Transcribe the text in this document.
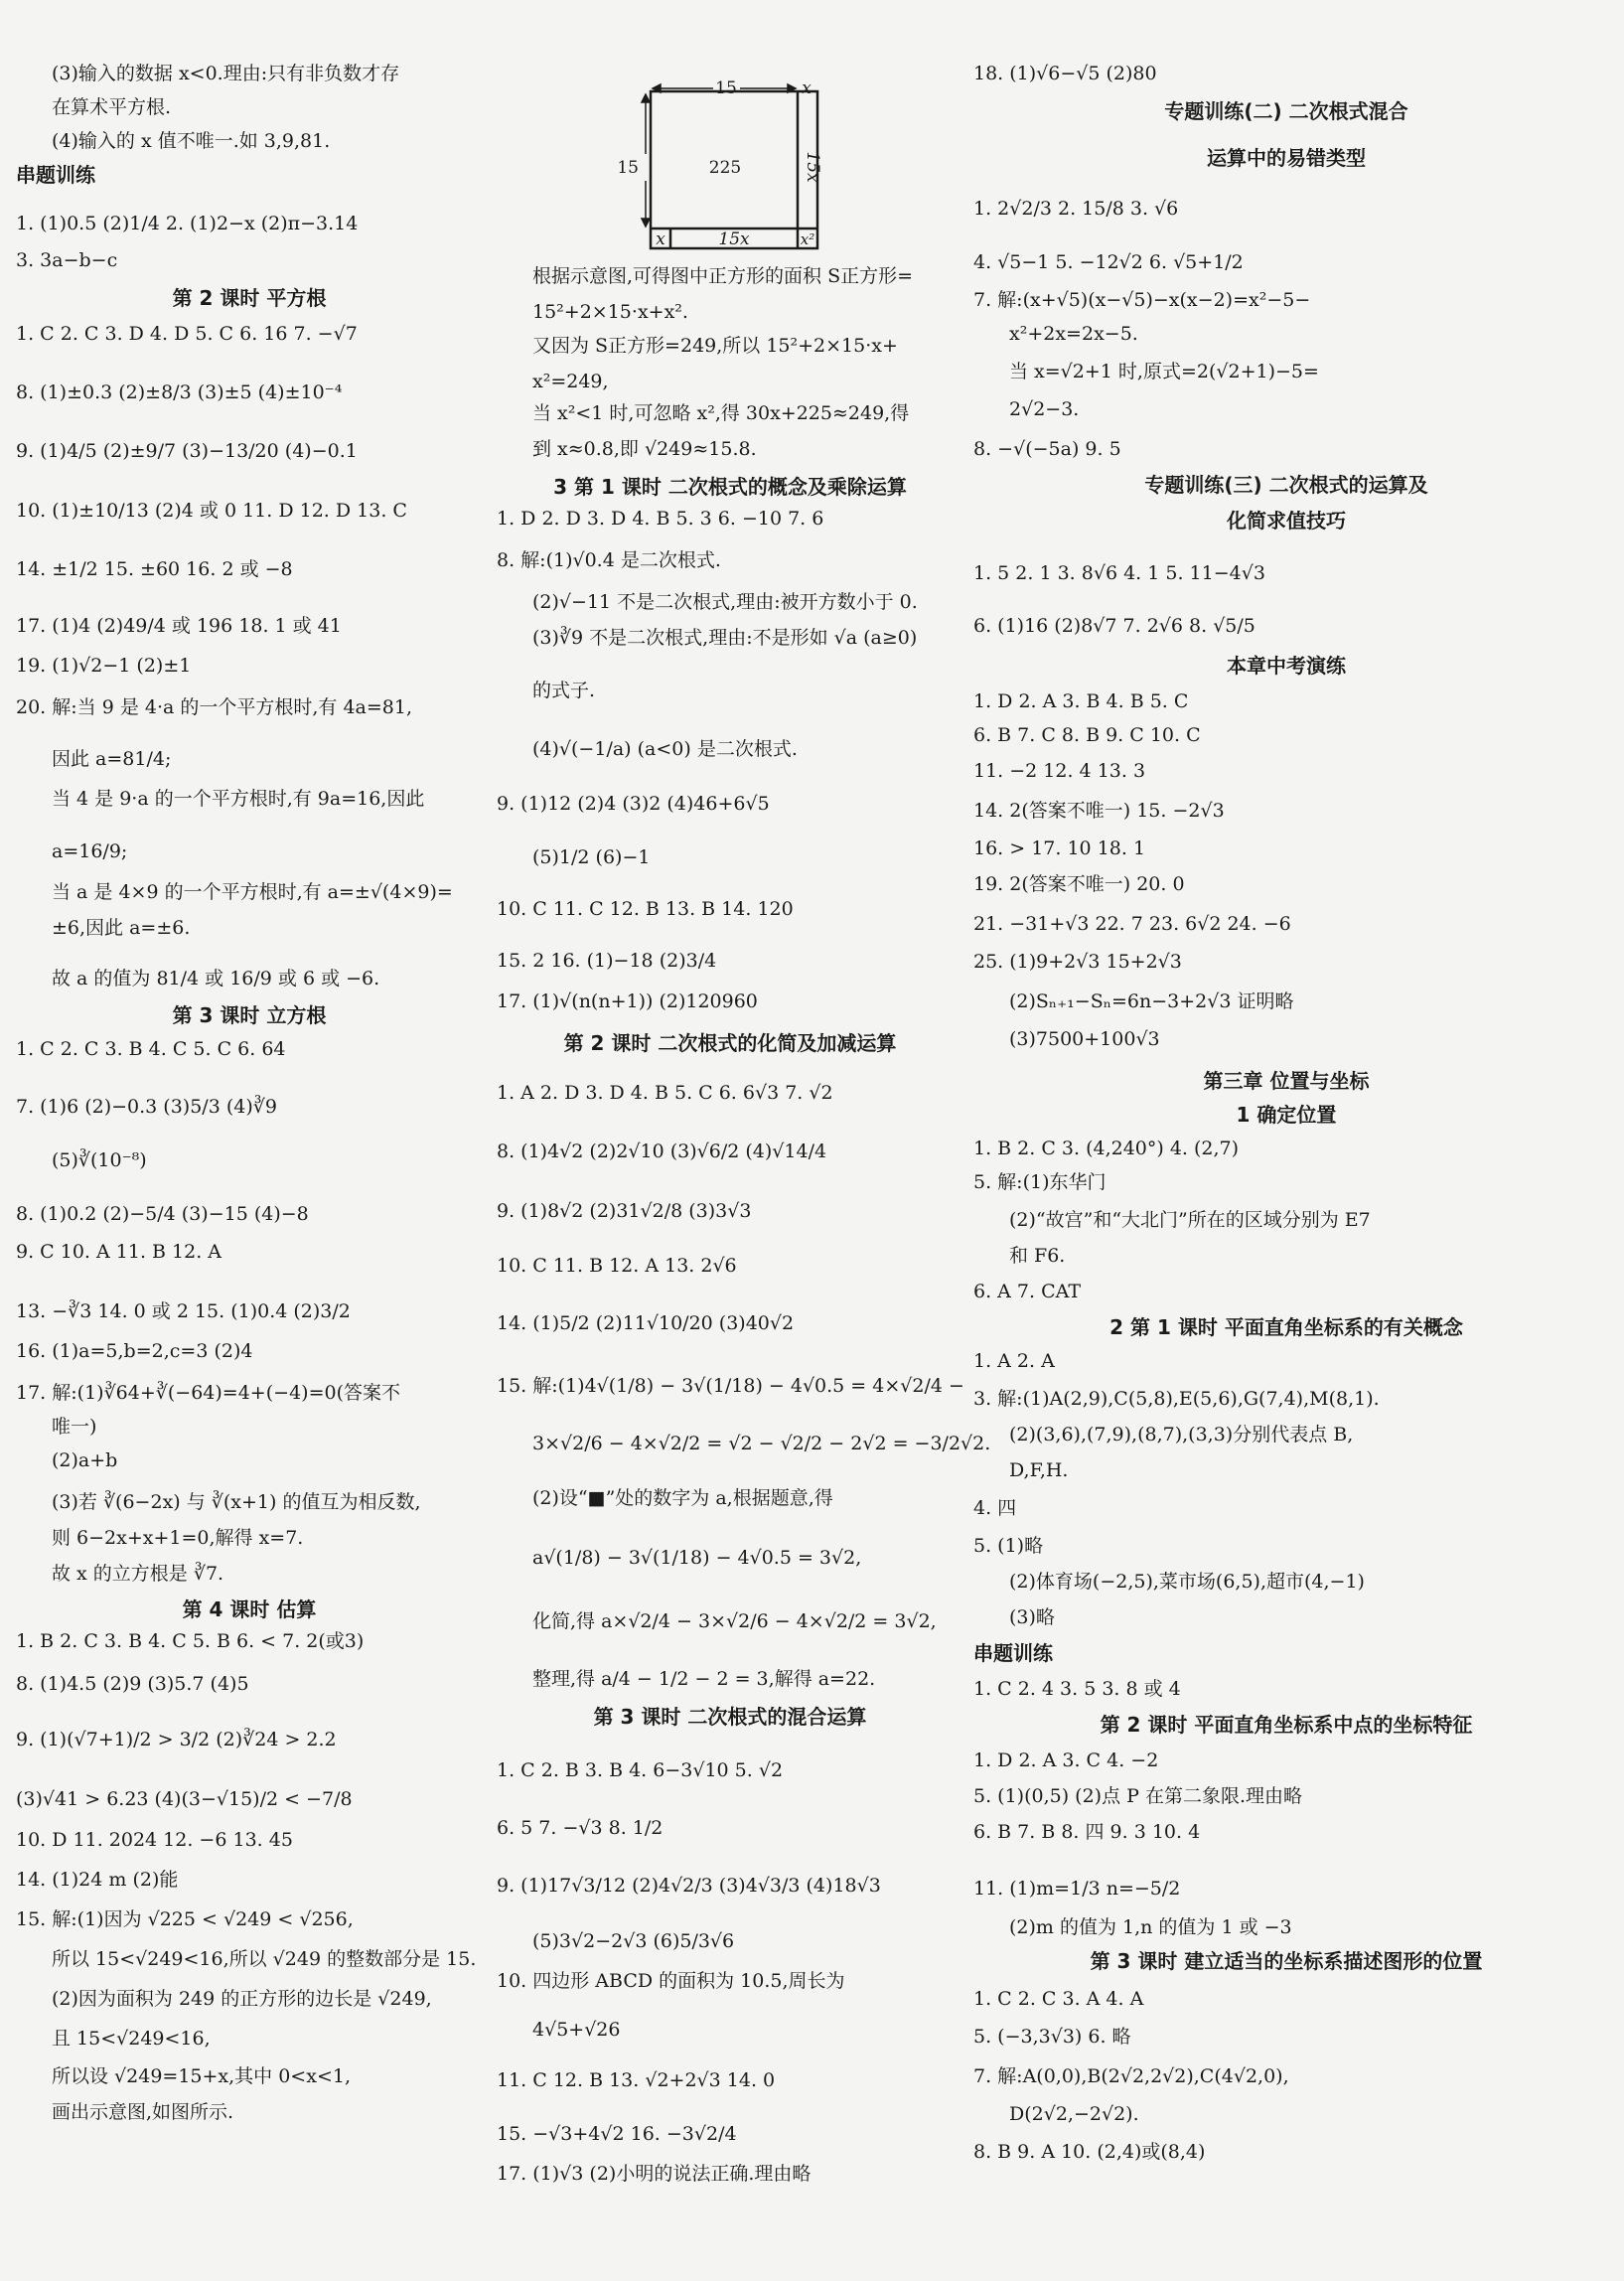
15	x
15	225	15x
x	15x	x²
(3)输入的数据 x<0.理由:只有非负数才存
在算术平方根.
(4)输入的 x 值不唯一.如 3,9,81.
串题训练
1. (1)0.5 (2)1/4 2. (1)2−x (2)π−3.14
3. 3a−b−c
第 2 课时 平方根
1. C 2. C 3. D 4. D 5. C 6. 16 7. −√7
8. (1)±0.3 (2)±8/3 (3)±5 (4)±10⁻⁴
9. (1)4/5 (2)±9/7 (3)−13/20 (4)−0.1
10. (1)±10/13 (2)4 或 0 11. D 12. D 13. C
14. ±1/2 15. ±60 16. 2 或 −8
17. (1)4 (2)49/4 或 196 18. 1 或 41
19. (1)√2−1 (2)±1
20. 解:当 9 是 4·a 的一个平方根时,有 4a=81,
因此 a=81/4;
当 4 是 9·a 的一个平方根时,有 9a=16,因此
a=16/9;
当 a 是 4×9 的一个平方根时,有 a=±√(4×9)=
±6,因此 a=±6.
故 a 的值为 81/4 或 16/9 或 6 或 −6.
第 3 课时 立方根
1. C 2. C 3. B 4. C 5. C 6. 64
7. (1)6 (2)−0.3 (3)5/3 (4)∛9
(5)∛(10⁻⁸)
8. (1)0.2 (2)−5/4 (3)−15 (4)−8
9. C 10. A 11. B 12. A
13. −∛3 14. 0 或 2 15. (1)0.4 (2)3/2
16. (1)a=5,b=2,c=3 (2)4
17. 解:(1)∛64+∛(−64)=4+(−4)=0(答案不
唯一)
(2)a+b
(3)若 ∛(6−2x) 与 ∛(x+1) 的值互为相反数,
则 6−2x+x+1=0,解得 x=7.
故 x 的立方根是 ∛7.
第 4 课时 估算
1. B 2. C 3. B 4. C 5. B 6. < 7. 2(或3)
8. (1)4.5 (2)9 (3)5.7 (4)5
9. (1)(√7+1)/2 > 3/2 (2)∛24 > 2.2
(3)√41 > 6.23 (4)(3−√15)/2 < −7/8
10. D 11. 2024 12. −6 13. 45
14. (1)24 m (2)能
15. 解:(1)因为 √225 < √249 < √256,
所以 15<√249<16,所以 √249 的整数部分是 15.
(2)因为面积为 249 的正方形的边长是 √249,
且 15<√249<16,
所以设 √249=15+x,其中 0<x<1,
画出示意图,如图所示.
根据示意图,可得图中正方形的面积 S正方形=
15²+2×15·x+x².
又因为 S正方形=249,所以 15²+2×15·x+
x²=249,
当 x²<1 时,可忽略 x²,得 30x+225≈249,得
到 x≈0.8,即 √249≈15.8.
3 第 1 课时 二次根式的概念及乘除运算
1. D 2. D 3. D 4. B 5. 3 6. −10 7. 6
8. 解:(1)√0.4 是二次根式.
(2)√−11 不是二次根式,理由:被开方数小于 0.
(3)∛9 不是二次根式,理由:不是形如 √a (a≥0)
的式子.
(4)√(−1/a) (a<0) 是二次根式.
9. (1)12 (2)4 (3)2 (4)46+6√5
(5)1/2 (6)−1
10. C 11. C 12. B 13. B 14. 120
15. 2 16. (1)−18 (2)3/4
17. (1)√(n(n+1)) (2)120960
第 2 课时 二次根式的化简及加减运算
1. A 2. D 3. D 4. B 5. C 6. 6√3 7. √2
8. (1)4√2 (2)2√10 (3)√6/2 (4)√14/4
9. (1)8√2 (2)31√2/8 (3)3√3
10. C 11. B 12. A 13. 2√6
14. (1)5/2 (2)11√10/20 (3)40√2
15. 解:(1)4√(1/8) − 3√(1/18) − 4√0.5 = 4×√2/4 −
3×√2/6 − 4×√2/2 = √2 − √2/2 − 2√2 = −3/2√2.
(2)设“■”处的数字为 a,根据题意,得
a√(1/8) − 3√(1/18) − 4√0.5 = 3√2,
化简,得 a×√2/4 − 3×√2/6 − 4×√2/2 = 3√2,
整理,得 a/4 − 1/2 − 2 = 3,解得 a=22.
第 3 课时 二次根式的混合运算
1. C 2. B 3. B 4. 6−3√10 5. √2
6. 5 7. −√3 8. 1/2
9. (1)17√3/12 (2)4√2/3 (3)4√3/3 (4)18√3
(5)3√2−2√3 (6)5/3√6
10. 四边形 ABCD 的面积为 10.5,周长为
4√5+√26
11. C 12. B 13. √2+2√3 14. 0
15. −√3+4√2 16. −3√2/4
17. (1)√3 (2)小明的说法正确.理由略
18. (1)√6−√5 (2)80
专题训练(二) 二次根式混合
运算中的易错类型
1. 2√2/3 2. 15/8 3. √6
4. √5−1 5. −12√2 6. √5+1/2
7. 解:(x+√5)(x−√5)−x(x−2)=x²−5−
x²+2x=2x−5.
当 x=√2+1 时,原式=2(√2+1)−5=
2√2−3.
8. −√(−5a) 9. 5
专题训练(三) 二次根式的运算及
化简求值技巧
1. 5 2. 1 3. 8√6 4. 1 5. 11−4√3
6. (1)16 (2)8√7 7. 2√6 8. √5/5
本章中考演练
1. D 2. A 3. B 4. B 5. C
6. B 7. C 8. B 9. C 10. C
11. −2 12. 4 13. 3
14. 2(答案不唯一) 15. −2√3
16. > 17. 10 18. 1
19. 2(答案不唯一) 20. 0
21. −31+√3 22. 7 23. 6√2 24. −6
25. (1)9+2√3 15+2√3
(2)Sₙ₊₁−Sₙ=6n−3+2√3 证明略
(3)7500+100√3
第三章 位置与坐标
1 确定位置
1. B 2. C 3. (4,240°) 4. (2,7)
5. 解:(1)东华门
(2)“故宫”和“大北门”所在的区域分别为 E7
和 F6.
6. A 7. CAT
2 第 1 课时 平面直角坐标系的有关概念
1. A 2. A
3. 解:(1)A(2,9),C(5,8),E(5,6),G(7,4),M(8,1).
(2)(3,6),(7,9),(8,7),(3,3)分别代表点 B,
D,F,H.
4. 四
5. (1)略
(2)体育场(−2,5),菜市场(6,5),超市(4,−1)
(3)略
串题训练
1. C 2. 4 3. 5 3. 8 或 4
第 2 课时 平面直角坐标系中点的坐标特征
1. D 2. A 3. C 4. −2
5. (1)(0,5) (2)点 P 在第二象限.理由略
6. B 7. B 8. 四 9. 3 10. 4
11. (1)m=1/3 n=−5/2
(2)m 的值为 1,n 的值为 1 或 −3
第 3 课时 建立适当的坐标系描述图形的位置
1. C 2. C 3. A 4. A
5. (−3,3√3) 6. 略
7. 解:A(0,0),B(2√2,2√2),C(4√2,0),
D(2√2,−2√2).
8. B 9. A 10. (2,4)或(8,4)
